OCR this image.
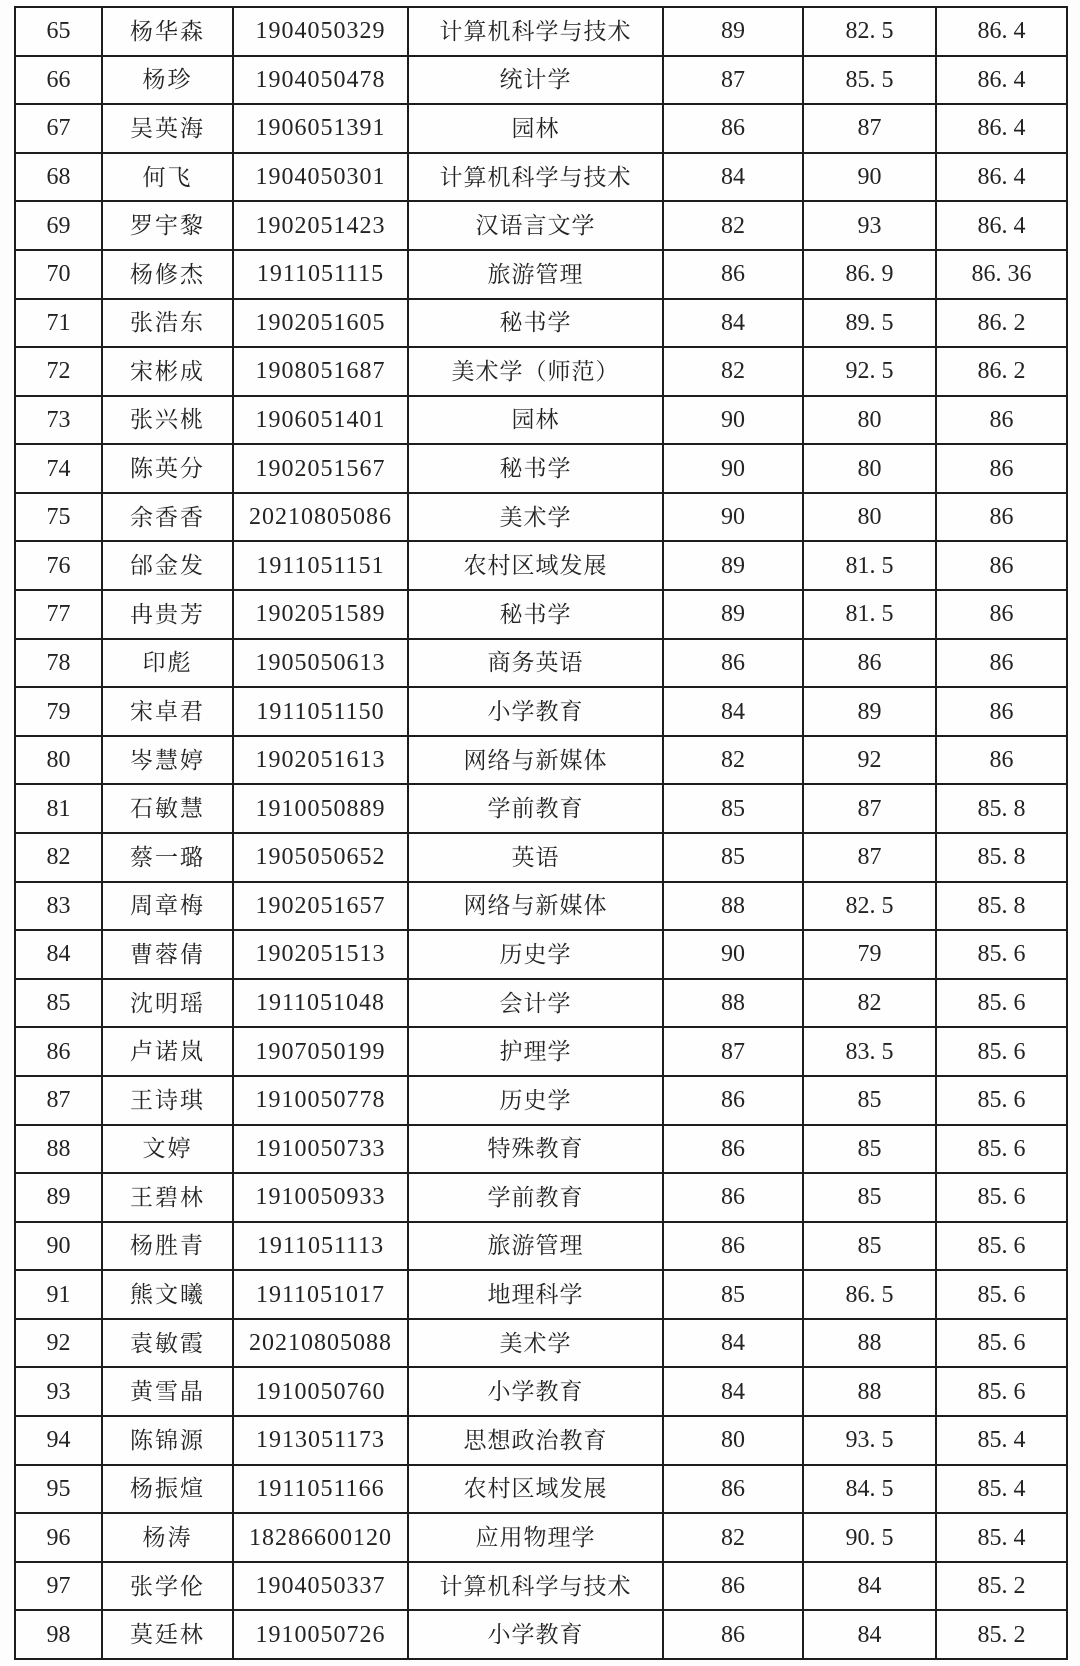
65	杨华森	1904050329	计算机科学与技术	89	82. 5	86. 4
66	杨珍	1904050478	统计学	87	85. 5	86. 4
67	吴英海	1906051391	园林	86	87	86. 4
68	何飞	1904050301	计算机科学与技术	84	90	86. 4
69	罗宇黎	1902051423	汉语言文学	82	93	86. 4
70	杨修杰	1911051115	旅游管理	86	86. 9	86. 36
71	张浩东	1902051605	秘书学	84	89. 5	86. 2
72	宋彬成	1908051687	美术学（师范）	82	92. 5	86. 2
73	张兴桃	1906051401	园林	90	80	86
74	陈英分	1902051567	秘书学	90	80	86
75	余香香	20210805086	美术学	90	80	86
76	邰金发	1911051151	农村区域发展	89	81. 5	86
77	冉贵芳	1902051589	秘书学	89	81. 5	86
78	印彪	1905050613	商务英语	86	86	86
79	宋卓君	1911051150	小学教育	84	89	86
80	岑慧婷	1902051613	网络与新媒体	82	92	86
81	石敏慧	1910050889	学前教育	85	87	85. 8
82	蔡一璐	1905050652	英语	85	87	85. 8
83	周章梅	1902051657	网络与新媒体	88	82. 5	85. 8
84	曹蓉倩	1902051513	历史学	90	79	85. 6
85	沈明瑶	1911051048	会计学	88	82	85. 6
86	卢诺岚	1907050199	护理学	87	83. 5	85. 6
87	王诗琪	1910050778	历史学	86	85	85. 6
88	文婷	1910050733	特殊教育	86	85	85. 6
89	王碧林	1910050933	学前教育	86	85	85. 6
90	杨胜青	1911051113	旅游管理	86	85	85. 6
91	熊文曦	1911051017	地理科学	85	86. 5	85. 6
92	袁敏霞	20210805088	美术学	84	88	85. 6
93	黄雪晶	1910050760	小学教育	84	88	85. 6
94	陈锦源	1913051173	思想政治教育	80	93. 5	85. 4
95	杨振煊	1911051166	农村区域发展	86	84. 5	85. 4
96	杨涛	18286600120	应用物理学	82	90. 5	85. 4
97	张学伦	1904050337	计算机科学与技术	86	84	85. 2
98	莫廷林	1910050726	小学教育	86	84	85. 2
